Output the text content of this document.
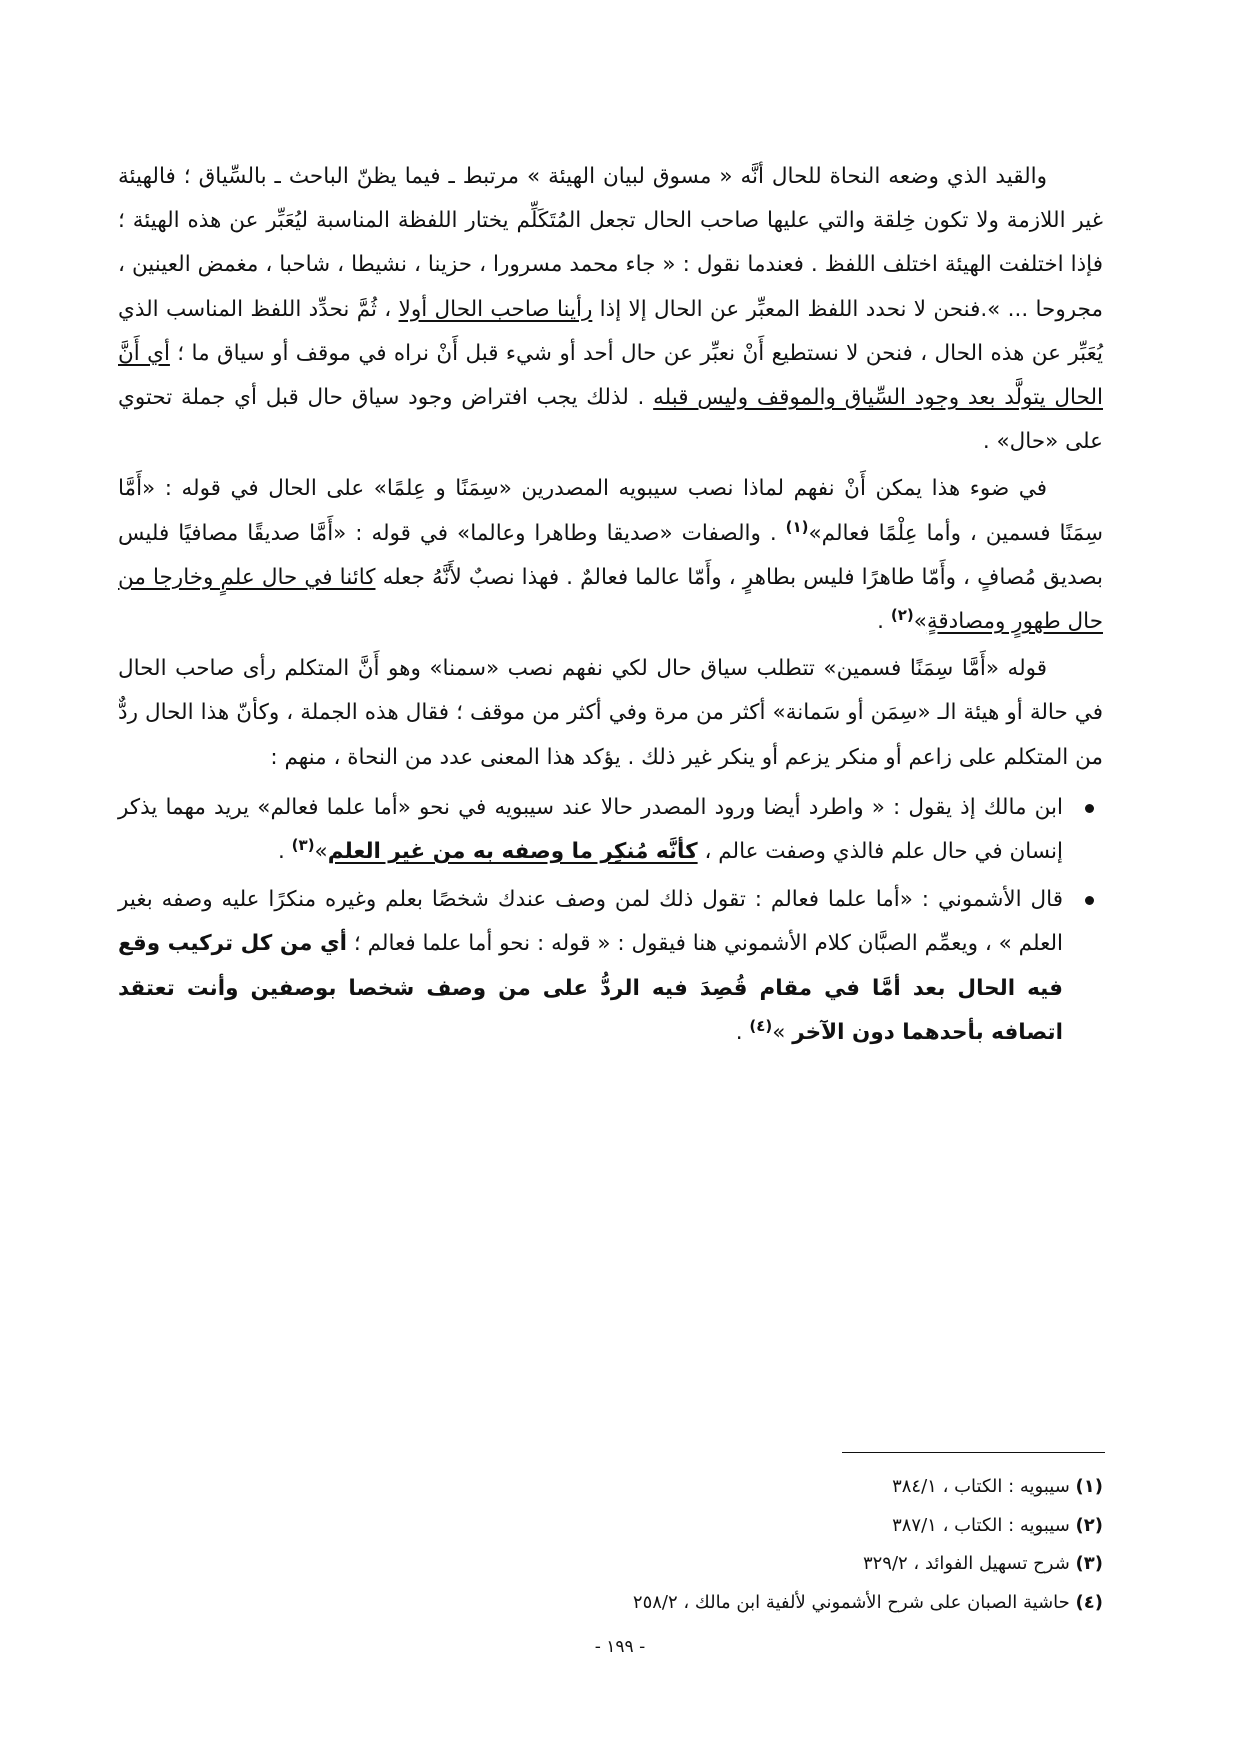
والقيد الذي وضعه النحاة للحال أنَّه « مسوق لبيان الهيئة » مرتبط ـ فيما يظنّ الباحث ـ بالسِّياق ؛ فالهيئة غير اللازمة ولا تكون خِلقة والتي عليها صاحب الحال تجعل المُتَكَلِّم يختار اللفظة المناسبة ليُعَبِّر عن هذه الهيئة ؛ فإذا اختلفت الهيئة اختلف اللفظ . فعندما نقول : « جاء محمد مسرورا ، حزينا ، نشيطا ، شاحبا ، مغمض العينين ، مجروحا ... ».فنحن لا نحدد اللفظ المعبِّر عن الحال إلا إذا رأينا صاحب الحال أولا ، ثُمَّ نحدِّد اللفظ المناسب الذي يُعَبِّر عن هذه الحال ، فنحن لا نستطيع أَنْ نعبِّر عن حال أحد أو شيء قبل أَنْ نراه في موقف أو سياق ما ؛ أي أَنَّ الحال يتولَّد بعد وجود السِّياق والموقف وليس قبله . لذلك يجب افتراض وجود سياق حال قبل أي جملة تحتوي على «حال» .

في ضوء هذا يمكن أَنْ نفهم لماذا نصب سيبويه المصدرين «سِمَنًا و عِلمًا» على الحال في قوله : «أَمَّا سِمَنًا فسمين ، وأما عِلْمًا فعالم»$^{(١)}$ . والصفات «صديقا وطاهرا وعالما» في قوله : «أَمَّا صديقًا مصافيًا فليس بصديق مُصافٍ ، وأَمّا طاهرًا فليس بطاهرٍ ، وأَمّا عالما فعالمٌ . فهذا نصبٌ لأَنَّهُ جعله كائنا في حال علمٍ وخارجا من حال طهورٍ ومصادقةٍ»$^{(٢)}$ .

قوله «أَمَّا سِمَنًا فسمين» تتطلب سياق حال لكي نفهم نصب «سمنا» وهو أَنَّ المتكلم رأى صاحب الحال في حالة أو هيئة الـ «سِمَن أو سَمانة» أكثر من مرة وفي أكثر من موقف ؛ فقال هذه الجملة ، وكأنّ هذا الحال ردٌّ من المتكلم على زاعم أو منكر يزعم أو ينكر غير ذلك . يؤكد هذا المعنى عدد من النحاة ، منهم :

ابن مالك إذ يقول : « واطرد أيضا ورود المصدر حالا عند سيبويه في نحو «أما علما فعالم» يريد مهما يذكر إنسان في حال علم فالذي وصفت عالم ، كأنَّه مُنكِر ما وصفه به من غير العلم»$^{(٣)}$ .
قال الأشموني : «أما علما فعالم : تقول ذلك لمن وصف عندك شخصًا بعلم وغيره منكرًا عليه وصفه بغير العلم » ، ويعمِّم الصبَّان كلام الأشموني هنا فيقول : « قوله : نحو أما علما فعالم ؛ أي من كل تركيب وقع فيه الحال بعد أمَّا في مقام قُصِدَ فيه الردُّ على من وصف شخصا بوصفين وأنت تعتقد اتصافه بأحدهما دون الآخر »$^{(٤)}$ .

(١) سيبويه : الكتاب ، ٣٨٤/١

(٢) سيبويه : الكتاب ، ٣٨٧/١

(٣) شرح تسهيل الفوائد ، ٣٢٩/٢

(٤) حاشية الصبان على شرح الأشموني لألفية ابن مالك ، ٢٥٨/٢

- ١٩٩ -
